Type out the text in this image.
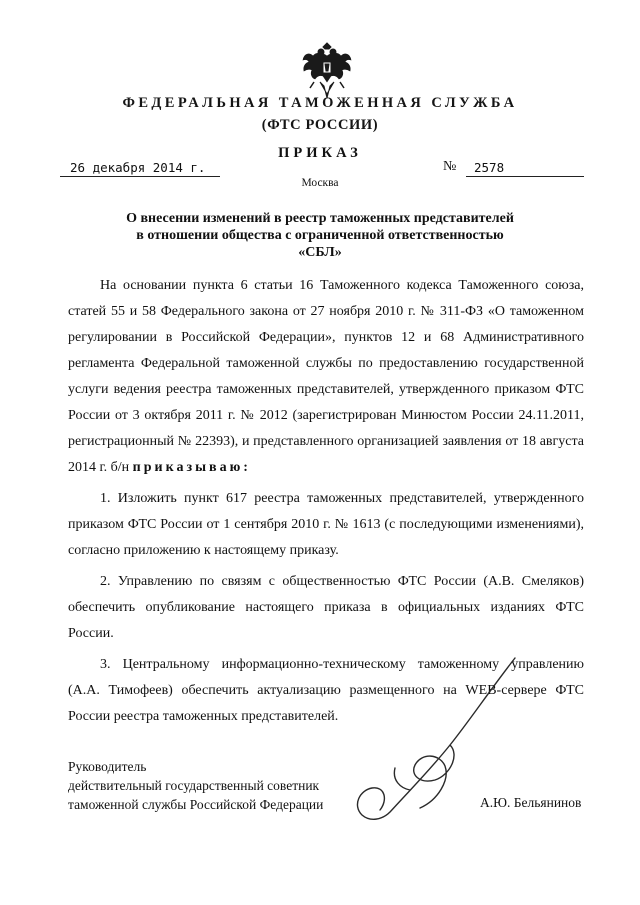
ФЕДЕРАЛЬНАЯ ТАМОЖЕННАЯ СЛУЖБА
(ФТС РОССИИ)
ПРИКАЗ
26 декабря 2014 г.	№ 2578
Москва
О внесении изменений в реестр таможенных представителей
в отношении общества с ограниченной ответственностью
«СБЛ»

На основании пункта 6 статьи 16 Таможенного кодекса Таможенного союза, статей 55 и 58 Федерального закона от 27 ноября 2010 г. № 311-ФЗ «О таможенном регулировании в Российской Федерации», пунктов 12 и 68 Административного регламента Федеральной таможенной службы по предоставлению государственной услуги ведения реестра таможенных представителей, утвержденного приказом ФТС России от 3 октября 2011 г. № 2012 (зарегистрирован Минюстом России 24.11.2011, регистрационный № 22393), и представленного организацией заявления от 18 августа 2014 г. б/н приказываю:

1. Изложить пункт 617 реестра таможенных представителей, утвержденного приказом ФТС России от 1 сентября 2010 г. № 1613 (с последующими изменениями), согласно приложению к настоящему приказу.

2. Управлению по связям с общественностью ФТС России (А.В. Смеляков) обеспечить опубликование настоящего приказа в официальных изданиях ФТС России.

3. Центральному информационно-техническому таможенному управлению (А.А. Тимофеев) обеспечить актуализацию размещенного на WEB-сервере ФТС России реестра таможенных представителей.

Руководитель
действительный государственный советник
таможенной службы Российской Федерации	А.Ю. Бельянинов
